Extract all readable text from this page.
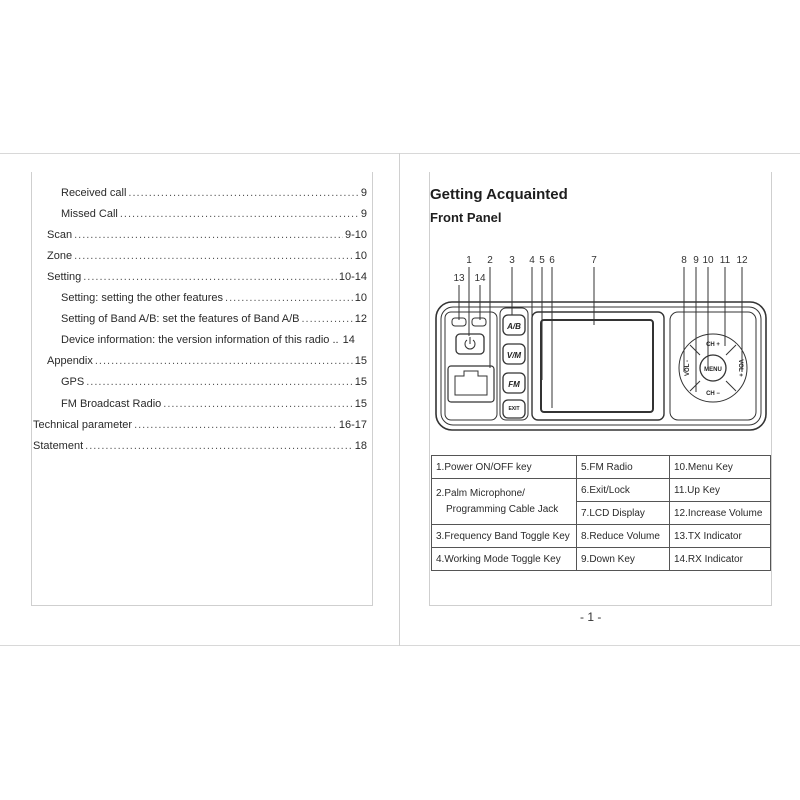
Received call .....	9
Missed Call .....	9
Scan .....	9-10
Zone .....	10
Setting .....	10-14
Setting: setting the other features .....	10
Setting of Band A/B: set the features of Band A/B .....	12
Device information: the version information of this radio .. 14
Appendix .....	15
GPS .....	15
FM Broadcast Radio .....	15
Technical parameter .....	16-17
Statement .....	18
Getting Acquainted
Front Panel
13 14
1	2	3	4 5 6	7	8 9 10 11 12
A/B
V/M
FM
EXIT
MENU
CH +
CH −
VOL -	VOL +
1.Power ON/OFF key	5.FM Radio	10.Menu Key

2.Palm Microphone/
Programming Cable Jack	6.Exit/Lock	11.Up Key
	7.LCD Display	12.Increase Volume
3.Frequency Band Toggle Key	8.Reduce Volume	13.TX Indicator
4.Working Mode Toggle Key	9.Down Key	14.RX Indicator
- 1 -
